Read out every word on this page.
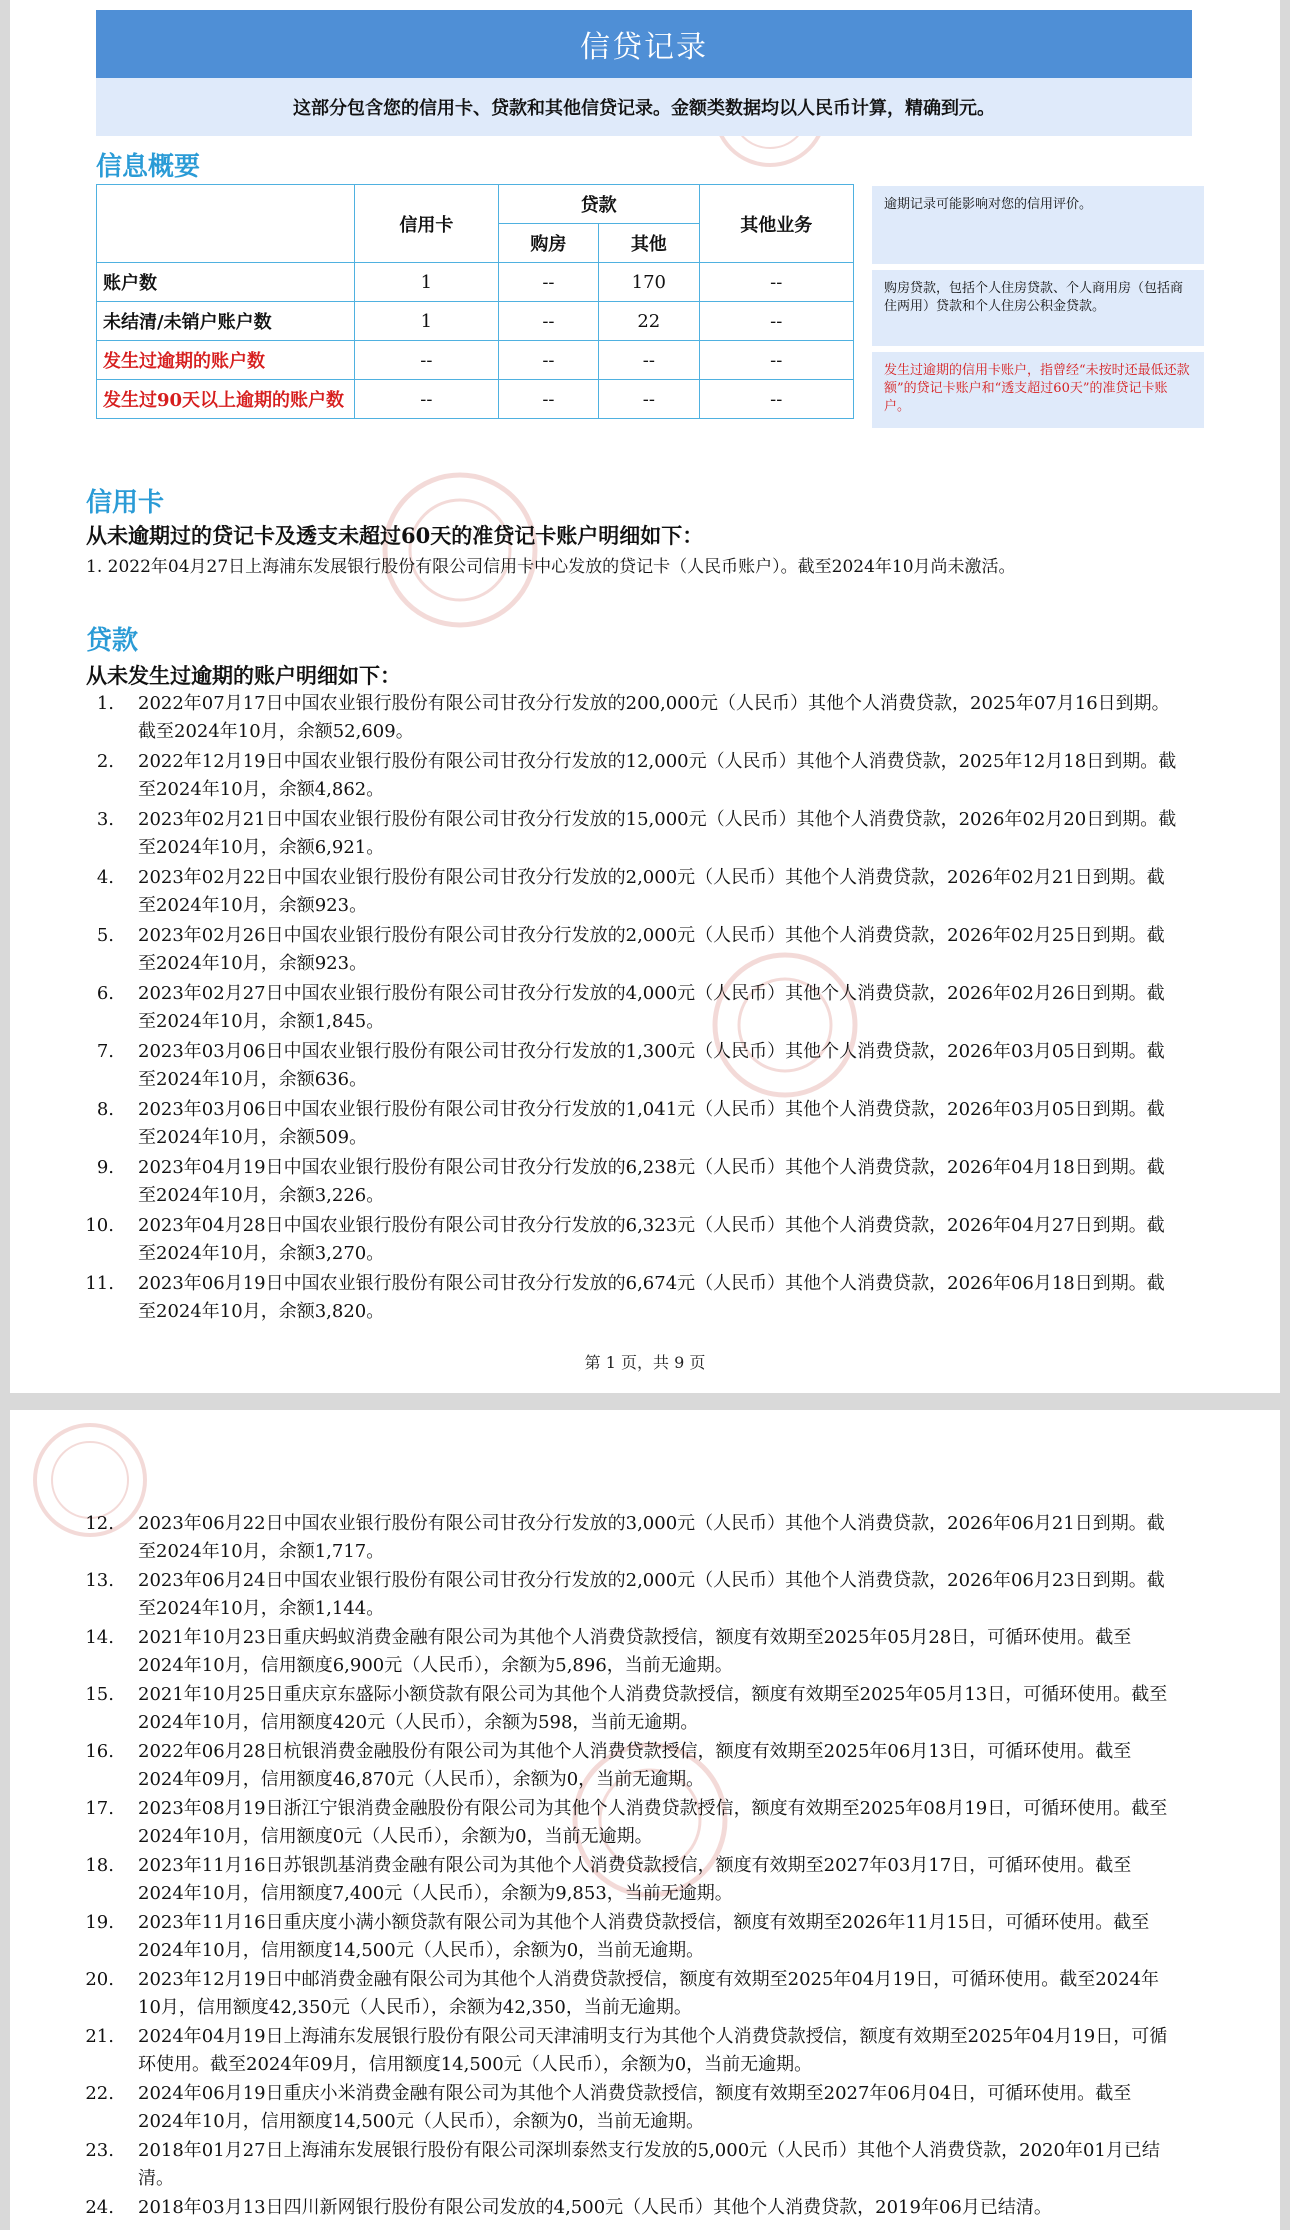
信贷记录
这部分包含您的信用卡、贷款和其他信贷记录。金额类数据均以人民币计算，精确到元。
信息概要
	信用卡	贷款		其他业务
		购房	其他	
账户数	1	--	170	--
未结清/未销户账户数	1	--	22	--
发生过逾期的账户数	--	--	--	--
发生过90天以上逾期的账户数	--	--	--	--
逾期记录可能影响对您的信用评价。
购房贷款，包括个人住房贷款、个人商用房（包括商住两用）贷款和个人住房公积金贷款。
发生过逾期的信用卡账户，指曾经“未按时还最低还款额”的贷记卡账户和“透支超过60天”的准贷记卡账户。
信用卡
从未逾期过的贷记卡及透支未超过60天的准贷记卡账户明细如下：
1. 2022年04月27日上海浦东发展银行股份有限公司信用卡中心发放的贷记卡（人民币账户）。截至2024年10月尚未激活。
贷款
从未发生过逾期的账户明细如下：
1. 2022年07月17日中国农业银行股份有限公司甘孜分行发放的200,000元（人民币）其他个人消费贷款，2025年07月16日到期。
截至2024年10月，余额52,609。
2. 2022年12月19日中国农业银行股份有限公司甘孜分行发放的12,000元（人民币）其他个人消费贷款，2025年12月18日到期。截
至2024年10月，余额4,862。
3. 2023年02月21日中国农业银行股份有限公司甘孜分行发放的15,000元（人民币）其他个人消费贷款，2026年02月20日到期。截
至2024年10月，余额6,921。
4. 2023年02月22日中国农业银行股份有限公司甘孜分行发放的2,000元（人民币）其他个人消费贷款，2026年02月21日到期。截
至2024年10月，余额923。
5. 2023年02月26日中国农业银行股份有限公司甘孜分行发放的2,000元（人民币）其他个人消费贷款，2026年02月25日到期。截
至2024年10月，余额923。
6. 2023年02月27日中国农业银行股份有限公司甘孜分行发放的4,000元（人民币）其他个人消费贷款，2026年02月26日到期。截
至2024年10月，余额1,845。
7. 2023年03月06日中国农业银行股份有限公司甘孜分行发放的1,300元（人民币）其他个人消费贷款，2026年03月05日到期。截
至2024年10月，余额636。
8. 2023年03月06日中国农业银行股份有限公司甘孜分行发放的1,041元（人民币）其他个人消费贷款，2026年03月05日到期。截
至2024年10月，余额509。
9. 2023年04月19日中国农业银行股份有限公司甘孜分行发放的6,238元（人民币）其他个人消费贷款，2026年04月18日到期。截
至2024年10月，余额3,226。
10. 2023年04月28日中国农业银行股份有限公司甘孜分行发放的6,323元（人民币）其他个人消费贷款，2026年04月27日到期。截
至2024年10月，余额3,270。
11. 2023年06月19日中国农业银行股份有限公司甘孜分行发放的6,674元（人民币）其他个人消费贷款，2026年06月18日到期。截
至2024年10月，余额3,820。
第 1 页，共 9 页
12. 2023年06月22日中国农业银行股份有限公司甘孜分行发放的3,000元（人民币）其他个人消费贷款，2026年06月21日到期。截
至2024年10月，余额1,717。
13. 2023年06月24日中国农业银行股份有限公司甘孜分行发放的2,000元（人民币）其他个人消费贷款，2026年06月23日到期。截
至2024年10月，余额1,144。
14. 2021年10月23日重庆蚂蚁消费金融有限公司为其他个人消费贷款授信，额度有效期至2025年05月28日，可循环使用。截至
2024年10月，信用额度6,900元（人民币），余额为5,896，当前无逾期。
15. 2021年10月25日重庆京东盛际小额贷款有限公司为其他个人消费贷款授信，额度有效期至2025年05月13日，可循环使用。截至
2024年10月，信用额度420元（人民币），余额为598，当前无逾期。
16. 2022年06月28日杭银消费金融股份有限公司为其他个人消费贷款授信，额度有效期至2025年06月13日，可循环使用。截至
2024年09月，信用额度46,870元（人民币），余额为0，当前无逾期。
17. 2023年08月19日浙江宁银消费金融股份有限公司为其他个人消费贷款授信，额度有效期至2025年08月19日，可循环使用。截至
2024年10月，信用额度0元（人民币），余额为0，当前无逾期。
18. 2023年11月16日苏银凯基消费金融有限公司为其他个人消费贷款授信，额度有效期至2027年03月17日，可循环使用。截至
2024年10月，信用额度7,400元（人民币），余额为9,853，当前无逾期。
19. 2023年11月16日重庆度小满小额贷款有限公司为其他个人消费贷款授信，额度有效期至2026年11月15日，可循环使用。截至
2024年10月，信用额度14,500元（人民币），余额为0，当前无逾期。
20. 2023年12月19日中邮消费金融有限公司为其他个人消费贷款授信，额度有效期至2025年04月19日，可循环使用。截至2024年
10月，信用额度42,350元（人民币），余额为42,350，当前无逾期。
21. 2024年04月19日上海浦东发展银行股份有限公司天津浦明支行为其他个人消费贷款授信，额度有效期至2025年04月19日，可循
环使用。截至2024年09月，信用额度14,500元（人民币），余额为0，当前无逾期。
22. 2024年06月19日重庆小米消费金融有限公司为其他个人消费贷款授信，额度有效期至2027年06月04日，可循环使用。截至
2024年10月，信用额度14,500元（人民币），余额为0，当前无逾期。
23. 2018年01月27日上海浦东发展银行股份有限公司深圳泰然支行发放的5,000元（人民币）其他个人消费贷款，2020年01月已结
清。
24. 2018年03月13日四川新网银行股份有限公司发放的4,500元（人民币）其他个人消费贷款，2019年06月已结清。
